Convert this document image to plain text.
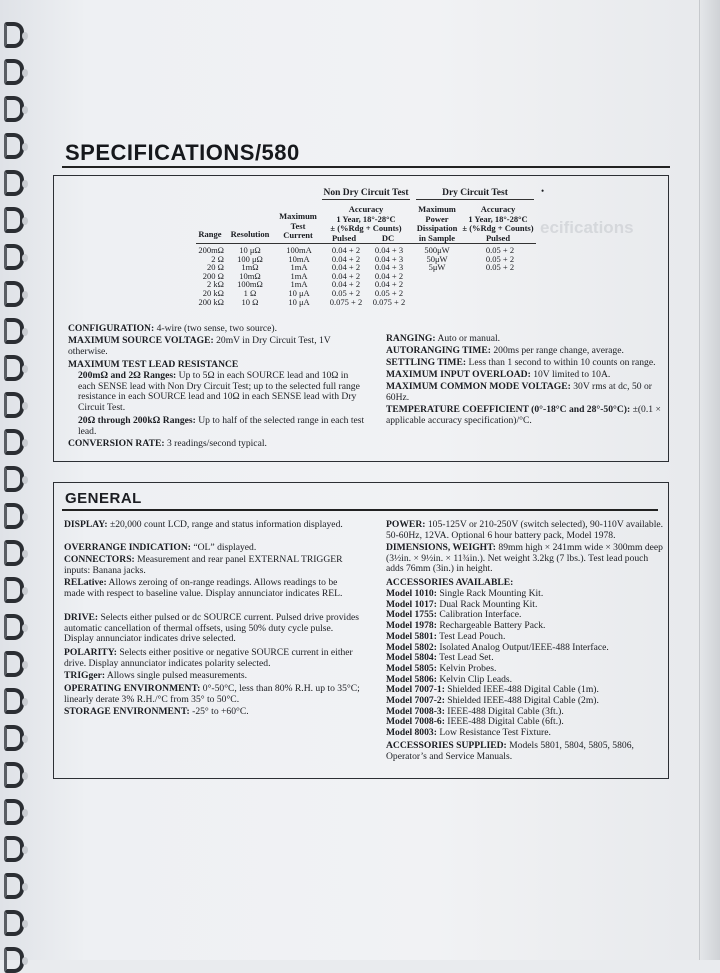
ecifications
SPECIFICATIONS/580
Non Dry Circuit Test	Dry Circuit Test	•
Range	Resolution
Maximum
Test
Current
Accuracy
1 Year, 18°-28°C
± (%Rdg + Counts)
Pulsed	DC
Maximum
Power
Dissipation
in Sample
Accuracy
1 Year, 18°-28°C
± (%Rdg + Counts)
Pulsed
200mΩ	10 μΩ	100mA	0.04 + 2	0.04 + 3	500μW	0.05 + 2
2 Ω	100 μΩ	10mA	0.04 + 2	0.04 + 3	50μW	0.05 + 2
20 Ω	1mΩ	1mA	0.04 + 2	0.04 + 3	5μW	0.05 + 2
200 Ω	10mΩ	1mA	0.04 + 2	0.04 + 2
2 kΩ	100mΩ	1mA	0.04 + 2	0.04 + 2
20 kΩ	1 Ω	10 μA	0.05 + 2	0.05 + 2
200 kΩ	10 Ω	10 μA	0.075 + 2	0.075 + 2
CONFIGURATION: 4-wire (two sense, two source).
MAXIMUM SOURCE VOLTAGE: 20mV in Dry Circuit Test, 1V otherwise.
MAXIMUM TEST LEAD RESISTANCE
200mΩ and 2Ω Ranges: Up to 5Ω in each SOURCE lead and 10Ω in each SENSE lead with Non Dry Circuit Test; up to the selected full range resistance in each SOURCE lead and 10Ω in each SENSE lead with Dry Circuit Test.
20Ω through 200kΩ Ranges: Up to half of the selected range in each test lead.
CONVERSION RATE: 3 readings/second typical.
RANGING: Auto or manual.
AUTORANGING TIME: 200ms per range change, average.
SETTLING TIME: Less than 1 second to within 10 counts on range.
MAXIMUM INPUT OVERLOAD: 10V limited to 10A.
MAXIMUM COMMON MODE VOLTAGE: 30V rms at dc, 50 or 60Hz.
TEMPERATURE COEFFICIENT (0°-18°C and 28°-50°C): ±(0.1 × applicable accuracy specification)/°C.
GENERAL
DISPLAY: ±20,000 count LCD, range and status information displayed.
OVERRANGE INDICATION: “OL” displayed.
CONNECTORS: Measurement and rear panel EXTERNAL TRIGGER inputs: Banana jacks.
RELative: Allows zeroing of on-range readings. Allows readings to be made with respect to baseline value. Display annunciator indicates REL.
DRIVE: Selects either pulsed or dc SOURCE current. Pulsed drive provides automatic cancellation of thermal offsets, using 50% duty cycle pulse. Display annunciator indicates drive selected.
POLARITY: Selects either positive or negative SOURCE current in either drive. Display annunciator indicates polarity selected.
TRIGger: Allows single pulsed measurements.
OPERATING ENVIRONMENT: 0°-50°C, less than 80% R.H. up to 35°C; linearly derate 3% R.H./°C from 35° to 50°C.
STORAGE ENVIRONMENT: -25° to +60°C.
POWER: 105-125V or 210-250V (switch selected), 90-110V available. 50-60Hz, 12VA. Optional 6 hour battery pack, Model 1978.
DIMENSIONS, WEIGHT: 89mm high × 241mm wide × 300mm deep (3½in. × 9½in. × 11¾in.). Net weight 3.2kg (7 lbs.). Test lead pouch adds 76mm (3in.) in height.
ACCESSORIES AVAILABLE:
Model 1010: Single Rack Mounting Kit.
Model 1017: Dual Rack Mounting Kit.
Model 1755: Calibration Interface.
Model 1978: Rechargeable Battery Pack.
Model 5801: Test Lead Pouch.
Model 5802: Isolated Analog Output/IEEE-488 Interface.
Model 5804: Test Lead Set.
Model 5805: Kelvin Probes.
Model 5806: Kelvin Clip Leads.
Model 7007-1: Shielded IEEE-488 Digital Cable (1m).
Model 7007-2: Shielded IEEE-488 Digital Cable (2m).
Model 7008-3: IEEE-488 Digital Cable (3ft.).
Model 7008-6: IEEE-488 Digital Cable (6ft.).
Model 8003: Low Resistance Test Fixture.
ACCESSORIES SUPPLIED: Models 5801, 5804, 5805, 5806, Operator’s and Service Manuals.
